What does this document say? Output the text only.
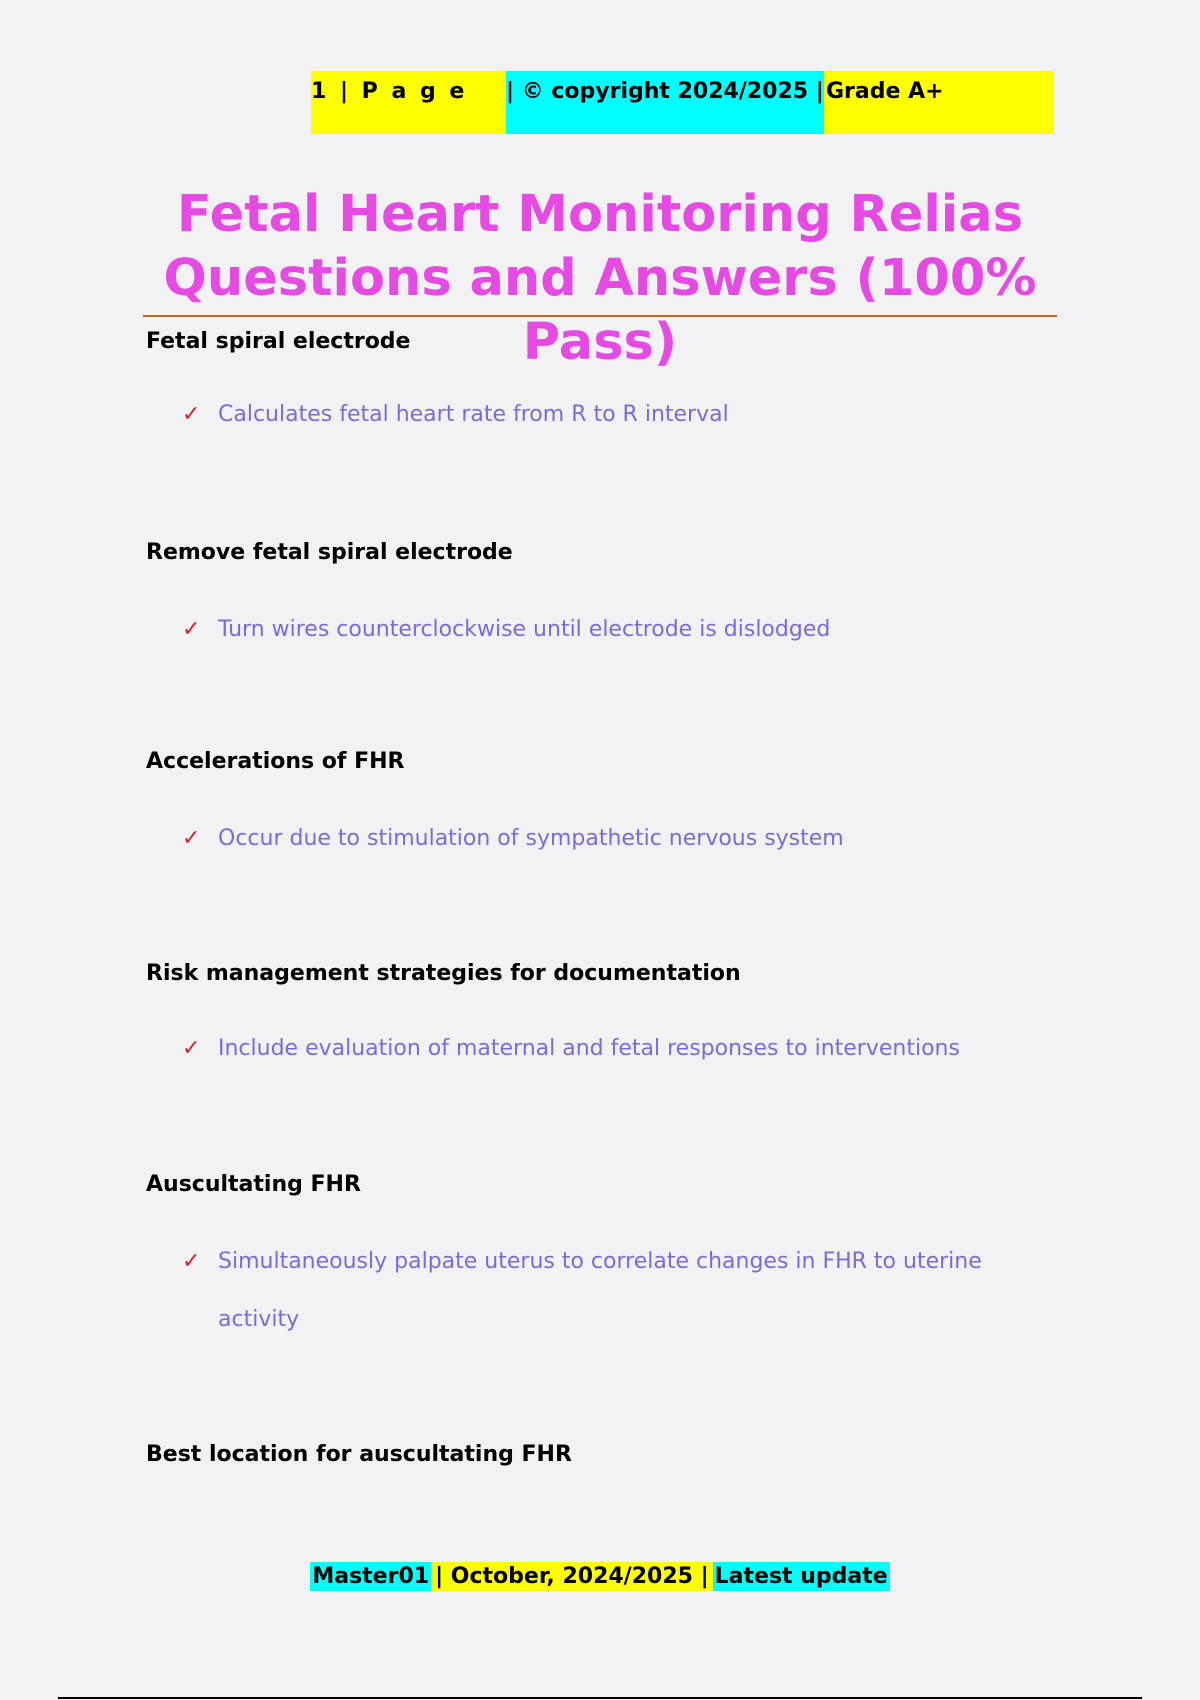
1 | P a g e	| © copyright 2024/2025 | Grade A+
Fetal Heart Monitoring Relias
Questions and Answers (100% Pass)
Fetal spiral electrode
✓ Calculates fetal heart rate from R to R interval
Remove fetal spiral electrode
✓ Turn wires counterclockwise until electrode is dislodged
Accelerations of FHR
✓ Occur due to stimulation of sympathetic nervous system
Risk management strategies for documentation
✓ Include evaluation of maternal and fetal responses to interventions
Auscultating FHR
✓ Simultaneously palpate uterus to correlate changes in FHR to uterine activity
Best location for auscultating FHR
Master01 | October, 2024/2025 | Latest update
